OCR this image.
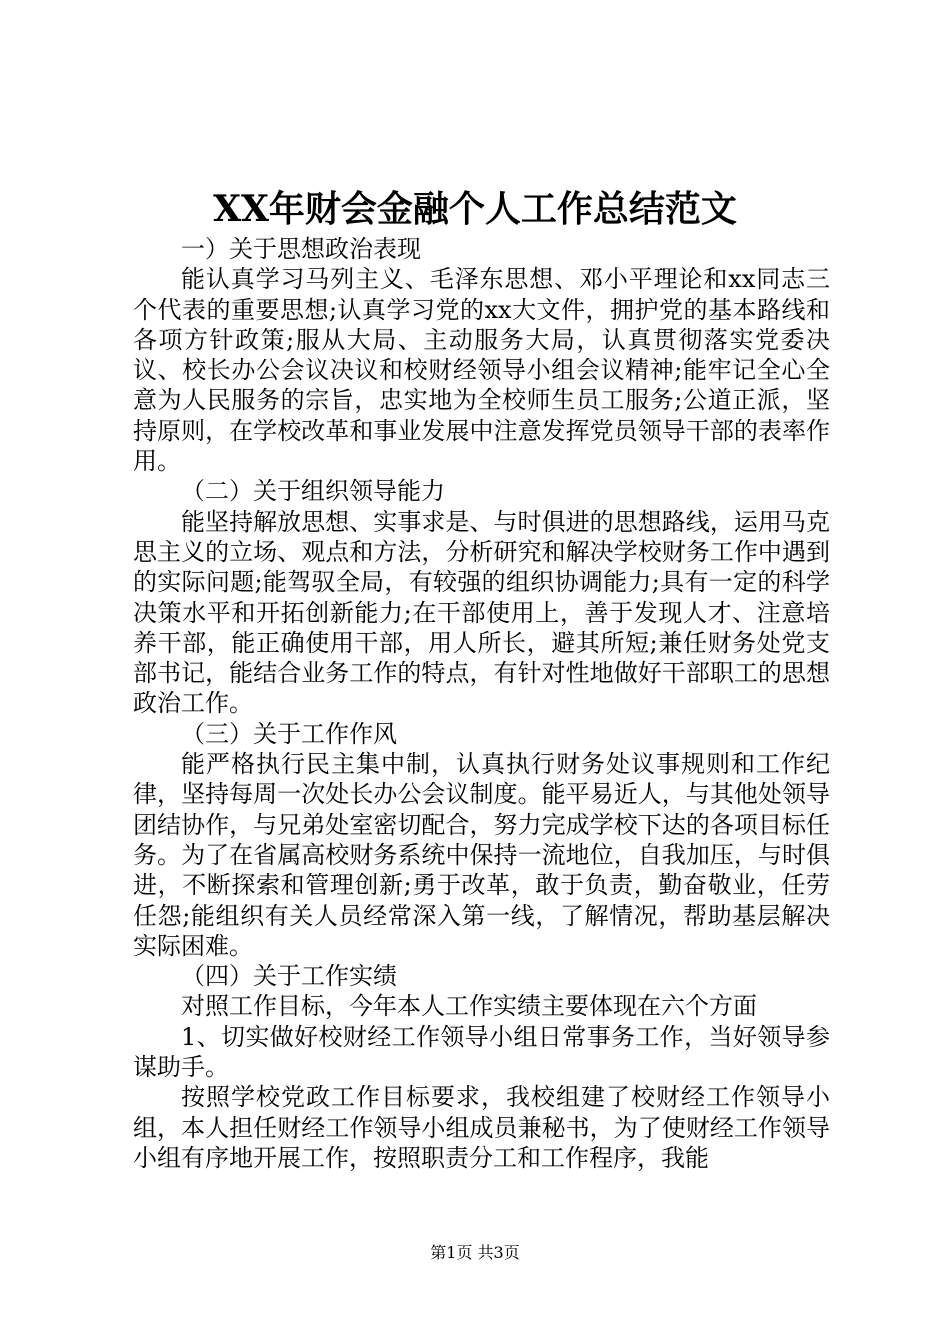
XX年财会金融个人工作总结范文

一）关于思想政治表现

能认真学习马列主义、毛泽东思想、邓小平理论和xx同志三个代表的重要思想;认真学习党的xx大文件，拥护党的基本路线和各项方针政策;服从大局、主动服务大局，认真贯彻落实党委决议、校长办公会议决议和校财经领导小组会议精神;能牢记全心全意为人民服务的宗旨，忠实地为全校师生员工服务;公道正派，坚持原则，在学校改革和事业发展中注意发挥党员领导干部的表率作用。

（二）关于组织领导能力

能坚持解放思想、实事求是、与时俱进的思想路线，运用马克思主义的立场、观点和方法，分析研究和解决学校财务工作中遇到的实际问题;能驾驭全局，有较强的组织协调能力;具有一定的科学决策水平和开拓创新能力;在干部使用上，善于发现人才、注意培养干部，能正确使用干部，用人所长，避其所短;兼任财务处党支部书记，能结合业务工作的特点，有针对性地做好干部职工的思想政治工作。

（三）关于工作作风

能严格执行民主集中制，认真执行财务处议事规则和工作纪律，坚持每周一次处长办公会议制度。能平易近人，与其他处领导团结协作，与兄弟处室密切配合，努力完成学校下达的各项目标任务。为了在省属高校财务系统中保持一流地位，自我加压，与时俱进，不断探索和管理创新;勇于改革，敢于负责，勤奋敬业，任劳任怨;能组织有关人员经常深入第一线，了解情况，帮助基层解决实际困难。

（四）关于工作实绩

对照工作目标，今年本人工作实绩主要体现在六个方面

1、切实做好校财经工作领导小组日常事务工作，当好领导参谋助手。

按照学校党政工作目标要求，我校组建了校财经工作领导小组，本人担任财经工作领导小组成员兼秘书，为了使财经工作领导小组有序地开展工作，按照职责分工和工作程序，我能

第1页 共3页
